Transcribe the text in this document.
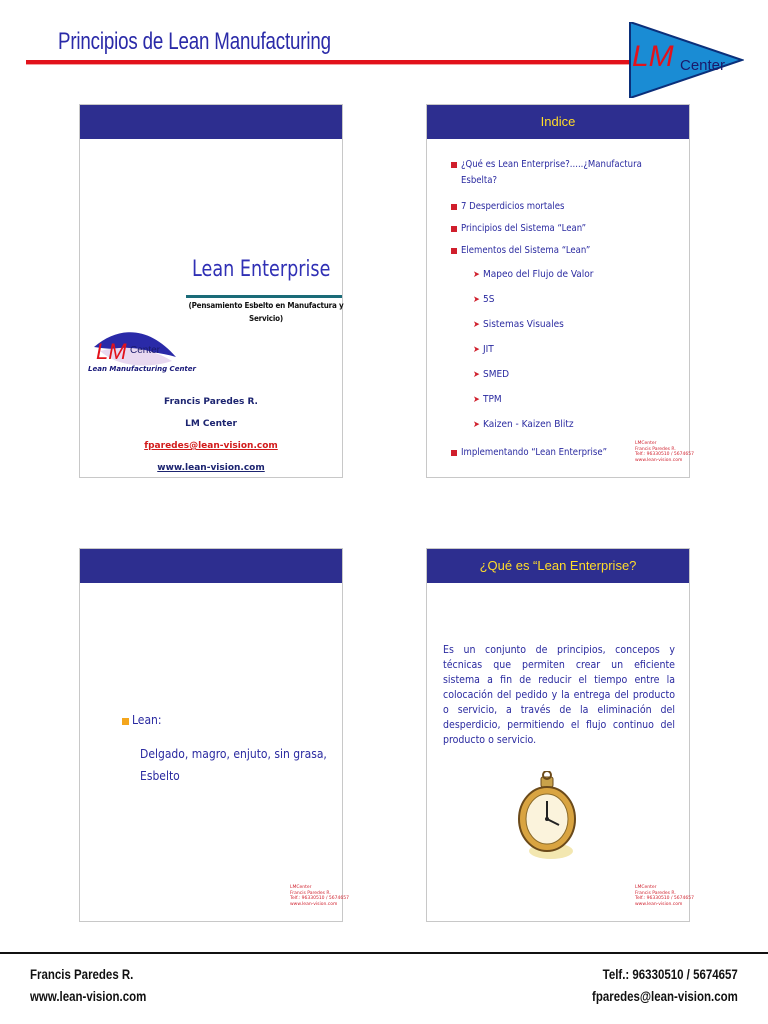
Principios de Lean Manufacturing	LM Center
Lean Enterprise
(Pensamiento Esbelto en Manufactura y
Servicio)
LM Center
Lean Manufacturing Center
Francis Paredes R.
LM Center
fparedes@lean-vision.com
www.lean-vision.com
Indice
¿Qué es Lean Enterprise?.....¿Manufactura
Esbelta?
7 Desperdicios mortales
Principios del Sistema “Lean”
Elementos del Sistema “Lean”
➤ Mapeo del Flujo de Valor
➤ 5S
➤ Sistemas Visuales
➤ JIT
➤ SMED
➤ TPM
➤ Kaizen - Kaizen Blitz
Implementando “Lean Enterprise”
LMCenter
Francis Paredes R.
Telf.: 96330510 / 5674657
www.lean-vision.com
Lean:
Delgado, magro, enjuto, sin grasa,
Esbelto
LMCenter
Francis Paredes R.
Telf.: 96330510 / 5674657
www.lean-vision.com
¿Qué es “Lean Enterprise?
Es un conjunto de principios, concepos y técnicas que permiten crear un eficiente sistema a fin de reducir el tiempo entre la colocación del pedido y la entrega del producto o servicio, a través de la eliminación del desperdicio, permitiendo el flujo continuo del producto o servicio.
LMCenter
Francis Paredes R.
Telf.: 96330510 / 5674657
www.lean-vision.com
Francis Paredes R.
www.lean-vision.com
Telf.: 96330510 / 5674657
fparedes@lean-vision.com
